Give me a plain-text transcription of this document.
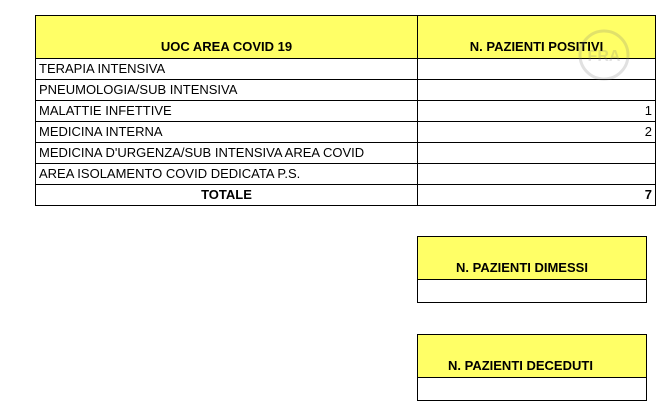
UOC AREA COVID 19	N. PAZIENTI POSITIVI
TERAPIA INTENSIVA	
PNEUMOLOGIA/SUB INTENSIVA	
MALATTIE INFETTIVE	1
MEDICINA INTERNA	2
MEDICINA D'URGENZA/SUB INTENSIVA AREA COVID	
AREA ISOLAMENTO COVID DEDICATA P.S.	
TOTALE	7
N. PAZIENTI DIMESSI

N. PAZIENTI DECEDUTI

FRA
